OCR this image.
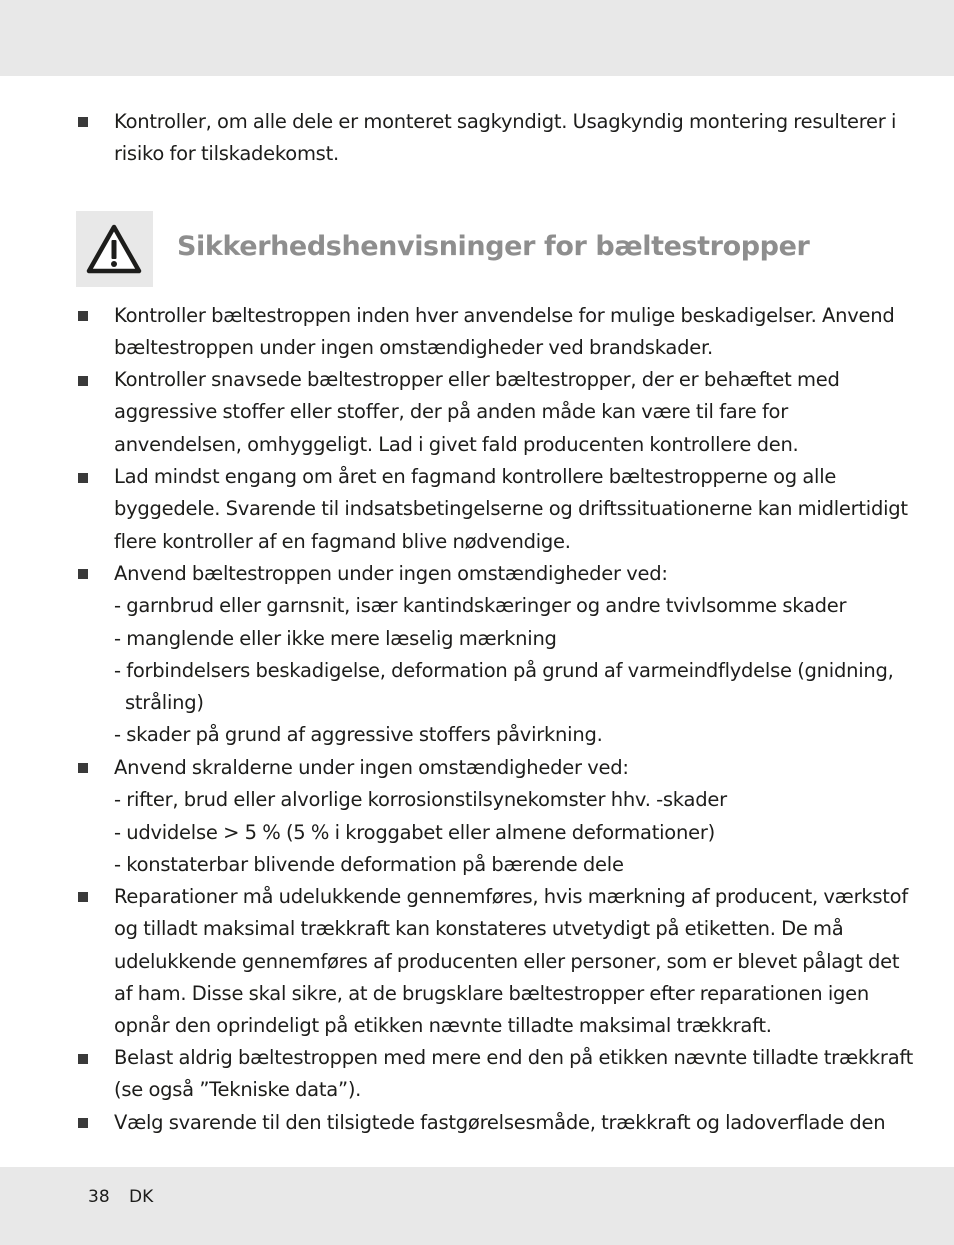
Kontroller, om alle dele er monteret sagkyndigt. Usagkyndig montering resulterer i
risiko for tilskadekomst.
Sikkerhedshenvisninger for bæltestropper
Kontroller bæltestroppen inden hver anvendelse for mulige beskadigelser. Anvend
bæltestroppen under ingen omstændigheder ved brandskader.
Kontroller snavsede bæltestropper eller bæltestropper, der er behæftet med
aggressive stoffer eller stoffer, der på anden måde kan være til fare for
anvendelsen, omhyggeligt. Lad i givet fald producenten kontrollere den.
Lad mindst engang om året en fagmand kontrollere bæltestropperne og alle
byggedele. Svarende til indsatsbetingelserne og driftssituationerne kan midlertidigt
flere kontroller af en fagmand blive nødvendige.
Anvend bæltestroppen under ingen omstændigheder ved:
- garnbrud eller garnsnit, især kantindskæringer og andre tvivlsomme skader
- manglende eller ikke mere læselig mærkning
- forbindelsers beskadigelse, deformation på grund af varmeindflydelse (gnidning,
stråling)
- skader på grund af aggressive stoffers påvirkning.
Anvend skralderne under ingen omstændigheder ved:
- rifter, brud eller alvorlige korrosionstilsynekomster hhv. -skader
- udvidelse > 5 % (5 % i kroggabet eller almene deformationer)
- konstaterbar blivende deformation på bærende dele
Reparationer må udelukkende gennemføres, hvis mærkning af producent, værkstof
og tilladt maksimal trækkraft kan konstateres utvetydigt på etiketten. De må
udelukkende gennemføres af producenten eller personer, som er blevet pålagt det
af ham. Disse skal sikre, at de brugsklare bæltestropper efter reparationen igen
opnår den oprindeligt på etikken nævnte tilladte maksimal trækkraft.
Belast aldrig bæltestroppen med mere end den på etikken nævnte tilladte trækkraft
(se også ”Tekniske data”).
Vælg svarende til den tilsigtede fastgørelsesmåde, trækkraft og ladoverflade den
38 DK
